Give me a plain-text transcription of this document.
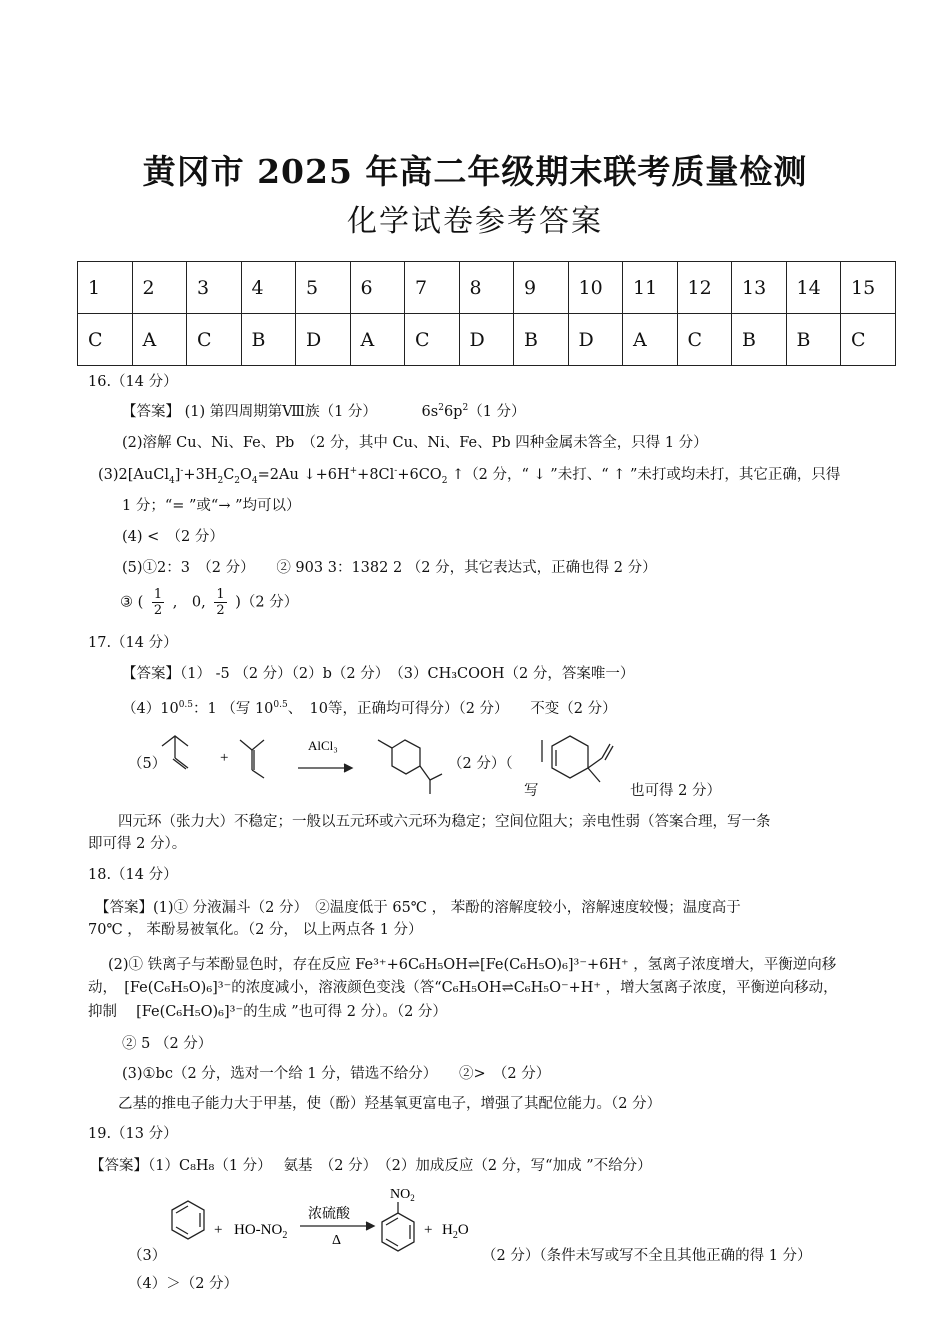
黄冈市 2025 年高二年级期末联考质量检测
化学试卷参考答案
1	2	3	4	5	6	7	8	9	10	11	12	13	14	15
C	A	C	B	D	A	C	D	B	D	A	C	B	B	C
16.（14 分）
【答案】 (1) 第四周期第Ⅷ族（1 分）	$6s^26p^2(1$ 分）
(2)溶解 Cu、Ni、Fe、Pb　（2 分，其中 Cu、Ni、Fe、Pb 四种金属未答全，只得 1 分）
$(3)2[AuCl_4]^-+3H_2C_2O_4=2Au$ $↓+6H^++8Cl^-+6CO_2$ ↑（2 分，“ ↓ ”未打、“ ↑ ”未打或均未打，其它正确，只得
1 分；“= ”或“→ ”均可以）
(4) <　（2 分）
(5)①2：3　（2 分）　　② 903 3：1382 2 （2 分，其它表达式，正确也得 2 分）
③ ( $\frac{1}{2}$ ,　0, $\frac{1}{2} )(2$ 分）
17.（14 分）
【答案】（1） -5 （2 分）（2）b（2 分）　（3）CH₃COOH（2 分，答案唯一）
$(4)10^{0.5}$：1 （写 $10^{0.5}$、　10等，正确均可得分）（2 分）　　不变（2 分）
（5）	+
AlCl₃
（2 分）（
写	也可得 2 分）
四元环（张力大）不稳定；一般以五元环或六元环为稳定；空间位阻大；亲电性弱（答案合理，写一条
即可得 2 分）。
18.（14 分）
【答案】(1)① 分液漏斗（2 分）　②温度低于 65℃ ， 苯酚的溶解度较小，溶解速度较慢；温度高于
70℃ ， 苯酚易被氧化。（2 分， 以上两点各 1 分）
(2)① 铁离子与苯酚显色时，存在反应 Fe³⁺+6C₆H₅OH⇌[Fe(C₆H₅O)₆]³⁻+6H⁺ ，氢离子浓度增大，平衡逆向移
动，　[Fe(C₆H₅O)₆]³⁻的浓度减小，溶液颜色变浅（答“C₆H₅OH⇌C₆H₅O⁻+H⁺ ，增大氢离子浓度，平衡逆向移动，
抑制　 [Fe(C₆H₅O)₆]³⁻的生成 ”也可得 2 分）。（2 分）
② 5 （2 分）
(3)①bc（2 分，选对一个给 1 分，错选不给分）　　②>　（2 分）
乙基的推电子能力大于甲基，使（酚）羟基氧更富电子，增强了其配位能力。（2 分）
19.（13 分）
【答案】（1）C₈H₈（1 分）　 氨基　（2 分）　（2）加成反应（2 分，写“加成 ”不给分）
（3）
+ $HO-NO_2$
浓硫酸
Δ
$NO_2$
+ $H_2O$
（2 分）（条件未写或写不全且其他正确的得 1 分）
（4）＞（2 分）
